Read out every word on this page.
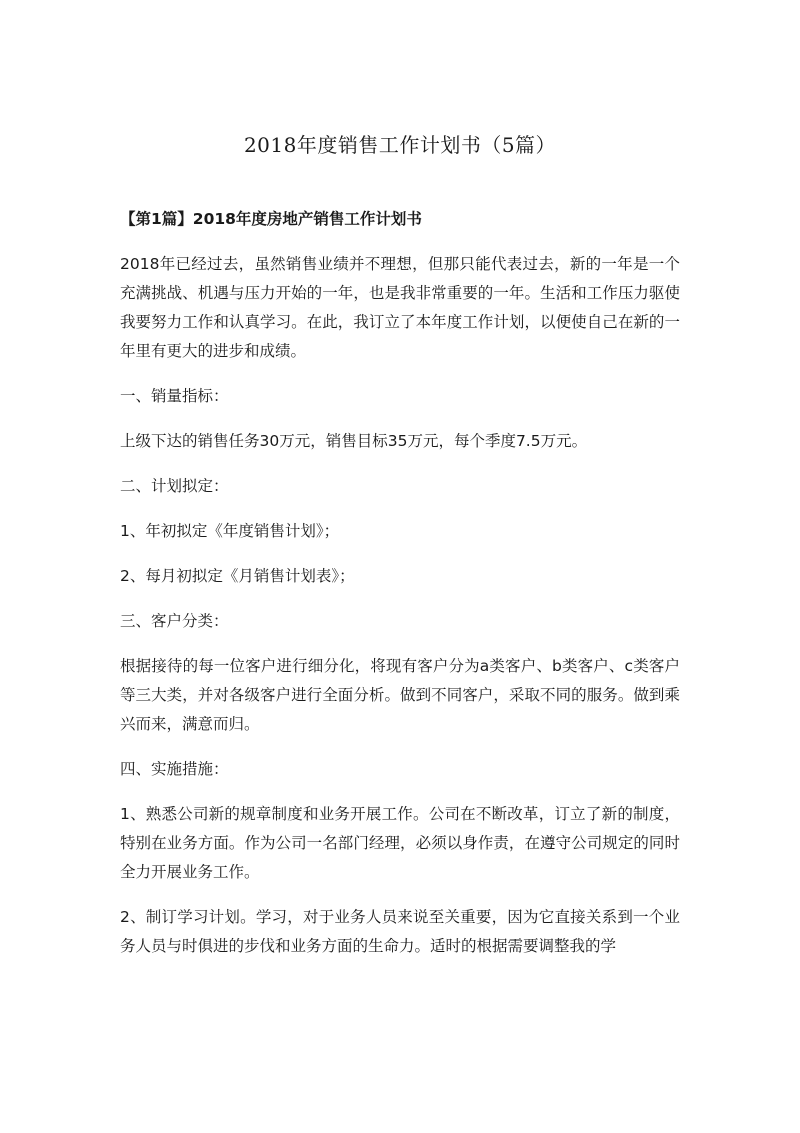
2018年度销售工作计划书（5篇）
【第1篇】2018年度房地产销售工作计划书

2018年已经过去，虽然销售业绩并不理想，但那只能代表过去，新的一年是一个充满挑战、机遇与压力开始的一年，也是我非常重要的一年。生活和工作压力驱使我要努力工作和认真学习。在此，我订立了本年度工作计划，以便使自己在新的一年里有更大的进步和成绩。

一、销量指标：

上级下达的销售任务30万元，销售目标35万元，每个季度7.5万元。

二、计划拟定：

1、年初拟定《年度销售计划》；

2、每月初拟定《月销售计划表》；

三、客户分类：

根据接待的每一位客户进行细分化，将现有客户分为a类客户、b类客户、c类客户等三大类，并对各级客户进行全面分析。做到不同客户，采取不同的服务。做到乘兴而来，满意而归。

四、实施措施：

1、熟悉公司新的规章制度和业务开展工作。公司在不断改革，订立了新的制度，特别在业务方面。作为公司一名部门经理，必须以身作责，在遵守公司规定的同时全力开展业务工作。

2、制订学习计划。学习，对于业务人员来说至关重要，因为它直接关系到一个业务人员与时俱进的步伐和业务方面的生命力。适时的根据需要调整我的学
